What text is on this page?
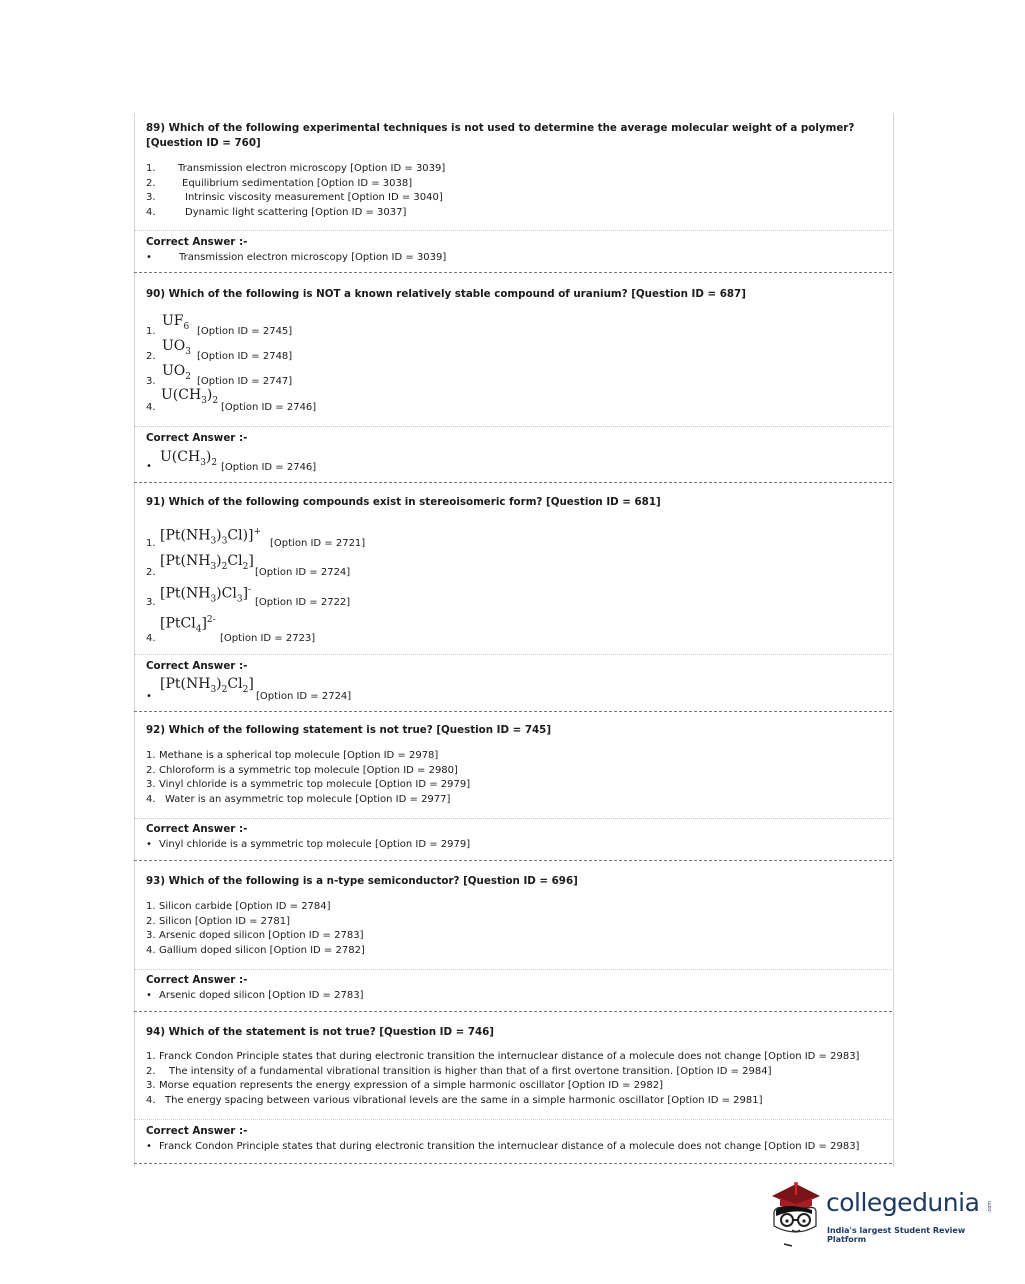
89) Which of the following experimental techniques is not used to determine the average molecular weight of a polymer? [Question ID = 760]
1. Transmission electron microscopy [Option ID = 3039]
2.	Equilibrium sedimentation [Option ID = 3038]
3.	Intrinsic viscosity measurement [Option ID = 3040]
4.	Dynamic light scattering [Option ID = 3037]
Correct Answer :-
•	Transmission electron microscopy [Option ID = 3039]
90) Which of the following is NOT a known relatively stable compound of uranium? [Question ID = 687]
1.
$UF_6$ [Option ID = 2745]
2.
$UO_3$ [Option ID = 2748]
3.
$UO_2$ [Option ID = 2747]
4.
$U(CH_3)_2$
[Option ID = 2746]
Correct Answer :-
•
$U(CH_3)_2$ [Option ID = 2746]
91) Which of the following compounds exist in stereoisomeric form? [Question ID = 681]
1. $[Pt(NH_3)_3Cl)]^+$
[Option ID = 2721]
2.
$[Pt(NH_3)_2Cl_2]$
[Option ID = 2724]
3.
$[Pt(NH_3)Cl_3]^-$
[Option ID = 2722]
4.
[PtCl$_4$]$^{2-}$
[Option ID = 2723]
Correct Answer :-
•
$[Pt(NH_3)_2Cl_2]$
[Option ID = 2724]
92) Which of the following statement is not true? [Question ID = 745]
1. Methane is a spherical top molecule [Option ID = 2978]
2. Chloroform is a symmetric top molecule [Option ID = 2980]
3. Vinyl chloride is a symmetric top molecule [Option ID = 2979]
4. Water is an asymmetric top molecule [Option ID = 2977]
Correct Answer :-
• Vinyl chloride is a symmetric top molecule [Option ID = 2979]
93) Which of the following is a n-type semiconductor? [Question ID = 696]
1. Silicon carbide [Option ID = 2784]
2. Silicon [Option ID = 2781]
3. Arsenic doped silicon [Option ID = 2783]
4. Gallium doped silicon [Option ID = 2782]
Correct Answer :-
• Arsenic doped silicon [Option ID = 2783]
94) Which of the statement is not true? [Question ID = 746]
1. Franck Condon Principle states that during electronic transition the internuclear distance of a molecule does not change [Option ID = 2983]
2. The intensity of a fundamental vibrational transition is higher than that of a first overtone transition. [Option ID = 2984]
3. Morse equation represents the energy expression of a simple harmonic oscillator [Option ID = 2982]
4. The energy spacing between various vibrational levels are the same in a simple harmonic oscillator [Option ID = 2981]
Correct Answer :-
• Franck Condon Principle states that during electronic transition the internuclear distance of a molecule does not change [Option ID = 2983]
collegedunia .com
India's largest Student Review Platform
